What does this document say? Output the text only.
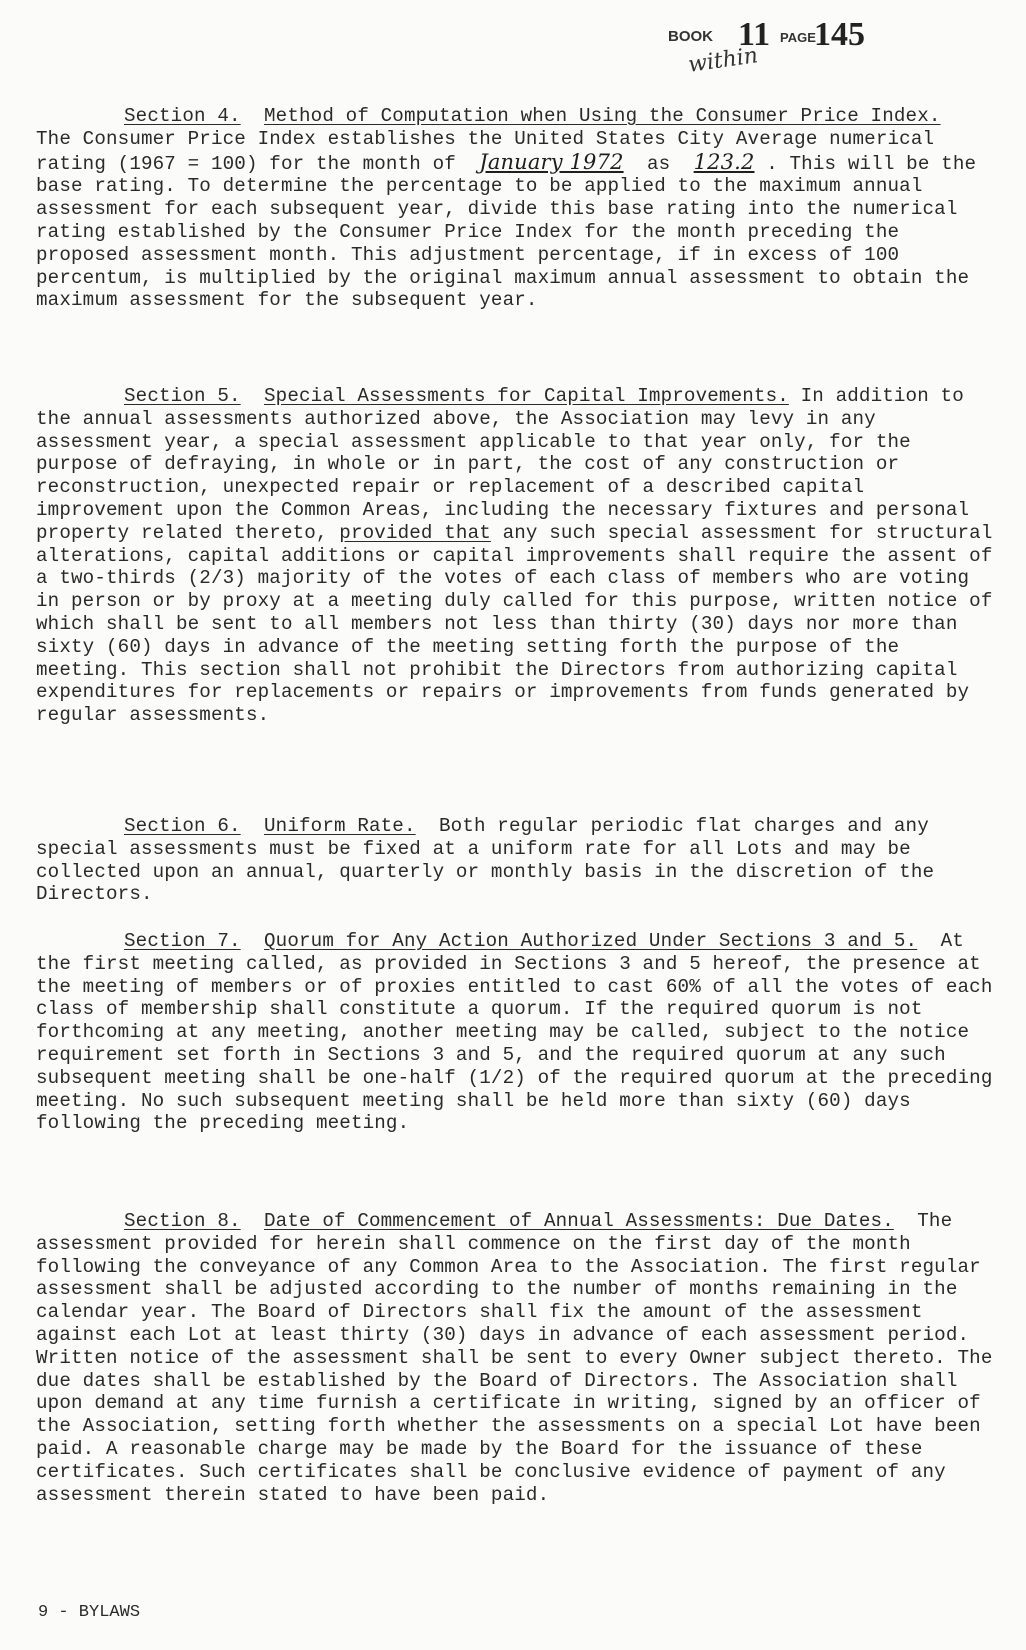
BOOK 11 PAGE
145
within

Section 4. Method of Computation when Using the Consumer Price Index.  The Consumer Price Index establishes the United States City Average numerical rating (1967 = 100) for the month of January 1972 as 123.2 . This will be the base rating. To determine the percentage to be applied to the maximum annual assessment for each subsequent year, divide this base rating into the numerical rating established by the Consumer Price Index for the month preceding the proposed assessment month. This adjustment percentage, if in excess of 100 percentum, is multiplied by the original maximum annual assessment to obtain the maximum assessment for the subsequent year.

Section 5. Special Assessments for Capital Improvements. In addition to the annual assessments authorized above, the Association may levy in any assessment year, a special assessment applicable to that year only, for the purpose of defraying, in whole or in part, the cost of any construction or reconstruction, unexpected repair or replacement of a described capital improvement upon the Common Areas, including the necessary fixtures and personal property related thereto, provided that any such special assessment for structural alterations, capital additions or capital improvements shall require the assent of a two-thirds (2/3) majority of the votes of each class of members who are voting in person or by proxy at a meeting duly called for this purpose, written notice of which shall be sent to all members not less than thirty (30) days nor more than sixty (60) days in advance of the meeting setting forth the purpose of the meeting. This section shall not prohibit the Directors from authorizing capital expenditures for replacements or repairs or improvements from funds generated by regular assessments.

Section 6. Uniform Rate. Both regular periodic flat charges and any special assessments must be fixed at a uniform rate for all Lots and may be collected upon an annual, quarterly or monthly basis in the discretion of the Directors.

Section 7. Quorum for Any Action Authorized Under Sections 3 and 5. At the first meeting called, as provided in Sections 3 and 5 hereof, the presence at the meeting of members or of proxies entitled to cast 60% of all the votes of each class of membership shall constitute a quorum. If the required quorum is not forthcoming at any meeting, another meeting may be called, subject to the notice requirement set forth in Sections 3 and 5, and the required quorum at any such subsequent meeting shall be one-half (1/2) of the required quorum at the preceding meeting. No such subsequent meeting shall be held more than sixty (60) days following the preceding meeting.

Section 8. Date of Commencement of Annual Assessments: Due Dates. The assessment provided for herein shall commence on the first day of the month following the conveyance of any Common Area to the Association. The first regular assessment shall be adjusted according to the number of months remaining in the calendar year. The Board of Directors shall fix the amount of the assessment against each Lot at least thirty (30) days in advance of each assessment period. Written notice of the assessment shall be sent to every Owner subject thereto. The due dates shall be established by the Board of Directors. The Association shall upon demand at any time furnish a certificate in writing, signed by an officer of the Association, setting forth whether the assessments on a special Lot have been paid. A reasonable charge may be made by the Board for the issuance of these certificates. Such certificates shall be conclusive evidence of payment of any assessment therein stated to have been paid.

9 - BYLAWS
